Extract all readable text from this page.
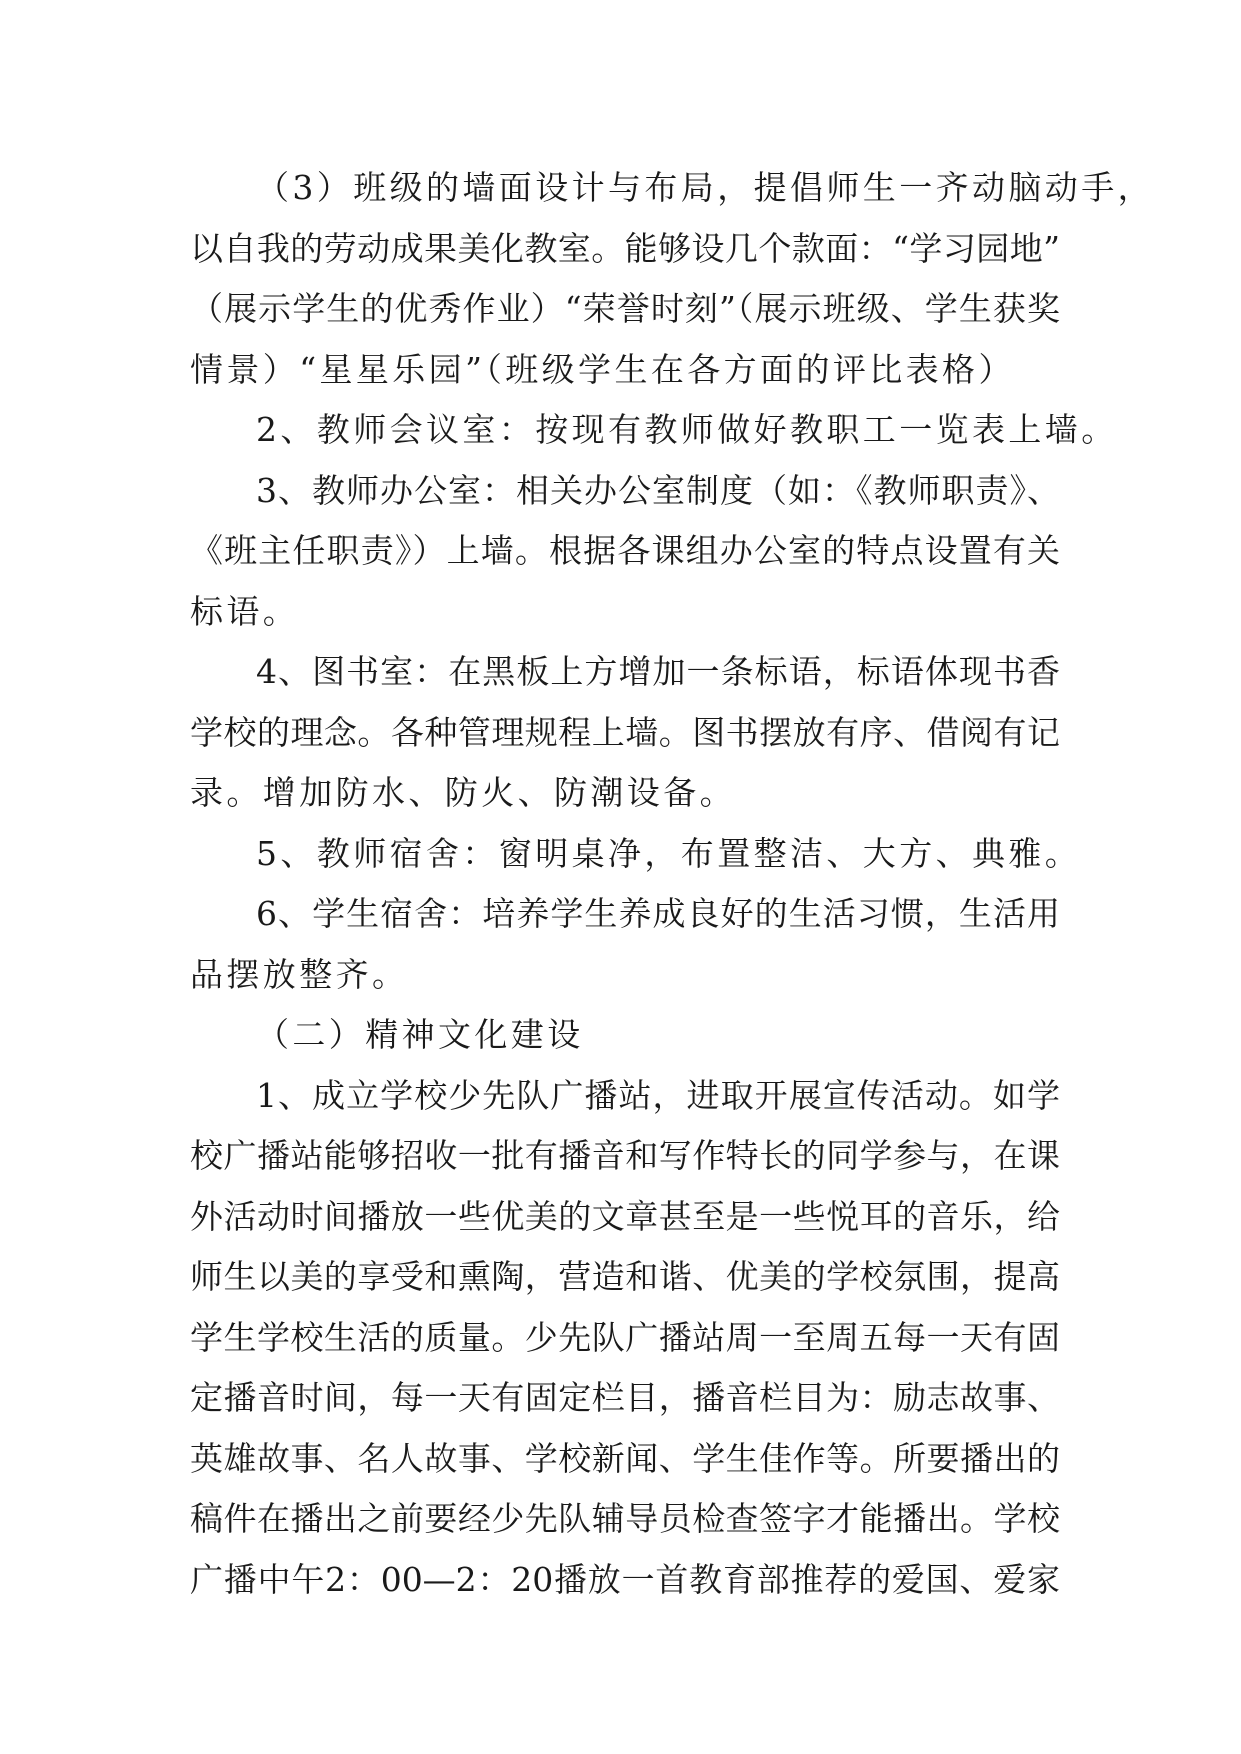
（3）班级的墙面设计与布局，提倡师生一齐动脑动手，
以自我的劳动成果美化教室。能够设几个款面：“学习园地”
（展示学生的优秀作业）“荣誉时刻”（展示班级、学生获奖
情景）“星星乐园”（班级学生在各方面的评比表格）
2、教师会议室：按现有教师做好教职工一览表上墙。
3、教师办公室：相关办公室制度（如：《教师职责》、
《班主任职责》）上墙。根据各课组办公室的特点设置有关
标语。
4、图书室：在黑板上方增加一条标语，标语体现书香
学校的理念。各种管理规程上墙。图书摆放有序、借阅有记
录。增加防水、防火、防潮设备。
5、教师宿舍：窗明桌净，布置整洁、大方、典雅。
6、学生宿舍：培养学生养成良好的生活习惯，生活用
品摆放整齐。
（二）精神文化建设
1、成立学校少先队广播站，进取开展宣传活动。如学
校广播站能够招收一批有播音和写作特长的同学参与，在课
外活动时间播放一些优美的文章甚至是一些悦耳的音乐，给
师生以美的享受和熏陶，营造和谐、优美的学校氛围，提高
学生学校生活的质量。少先队广播站周一至周五每一天有固
定播音时间，每一天有固定栏目，播音栏目为：励志故事、
英雄故事、名人故事、学校新闻、学生佳作等。所要播出的
稿件在播出之前要经少先队辅导员检查签字才能播出。学校
广播中午2：00—2：20播放一首教育部推荐的爱国、爱家
